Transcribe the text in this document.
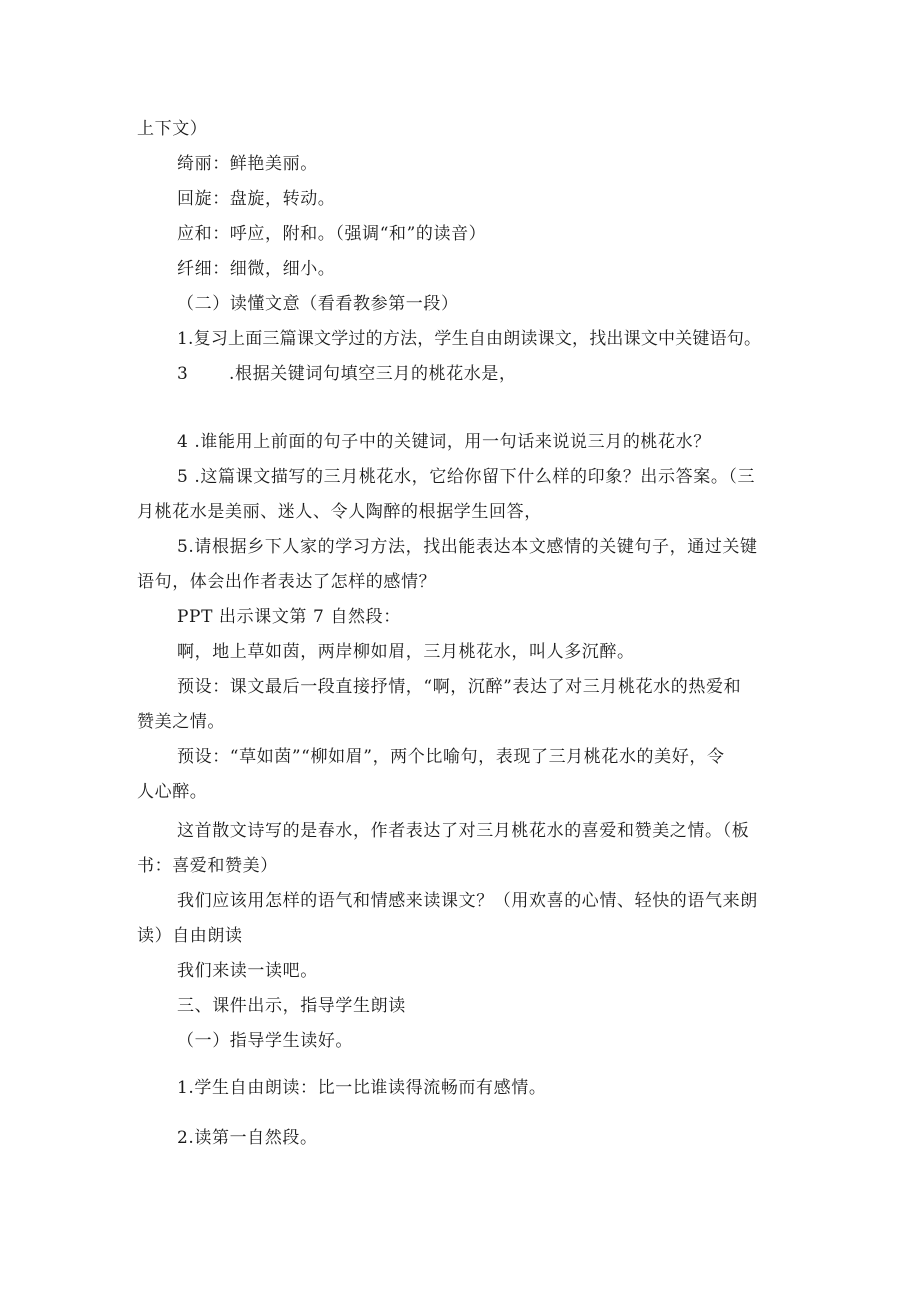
上下文）
绮丽：鲜艳美丽。
回旋：盘旋，转动。
应和：呼应，附和。（强调“和”的读音）
纤细：细微，细小。
（二）读懂文意（看看教参第一段）
1.复习上面三篇课文学过的方法，学生自由朗读课文，找出课文中关键语句。
3 .根据关键词句填空三月的桃花水是，
4 .谁能用上前面的句子中的关键词，用一句话来说说三月的桃花水？
5 .这篇课文描写的三月桃花水，它给你留下什么样的印象？出示答案。（三
月桃花水是美丽、迷人、令人陶醉的根据学生回答，
5.请根据乡下人家的学习方法，找出能表达本文感情的关键句子，通过关键
语句，体会出作者表达了怎样的感情？
PPT 出示课文第 7 自然段：
啊，地上草如茵，两岸柳如眉，三月桃花水，叫人多沉醉。
预设：课文最后一段直接抒情，“啊，沉醉”表达了对三月桃花水的热爱和
赞美之情。
预设：“草如茵”“柳如眉”，两个比喻句，表现了三月桃花水的美好，令
人心醉。
这首散文诗写的是春水，作者表达了对三月桃花水的喜爱和赞美之情。（板
书：喜爱和赞美）
我们应该用怎样的语气和情感来读课文？（用欢喜的心情、轻快的语气来朗
读）自由朗读
我们来读一读吧。
三、课件出示，指导学生朗读
（一）指导学生读好。
1.学生自由朗读：比一比谁读得流畅而有感情。
2.读第一自然段。
